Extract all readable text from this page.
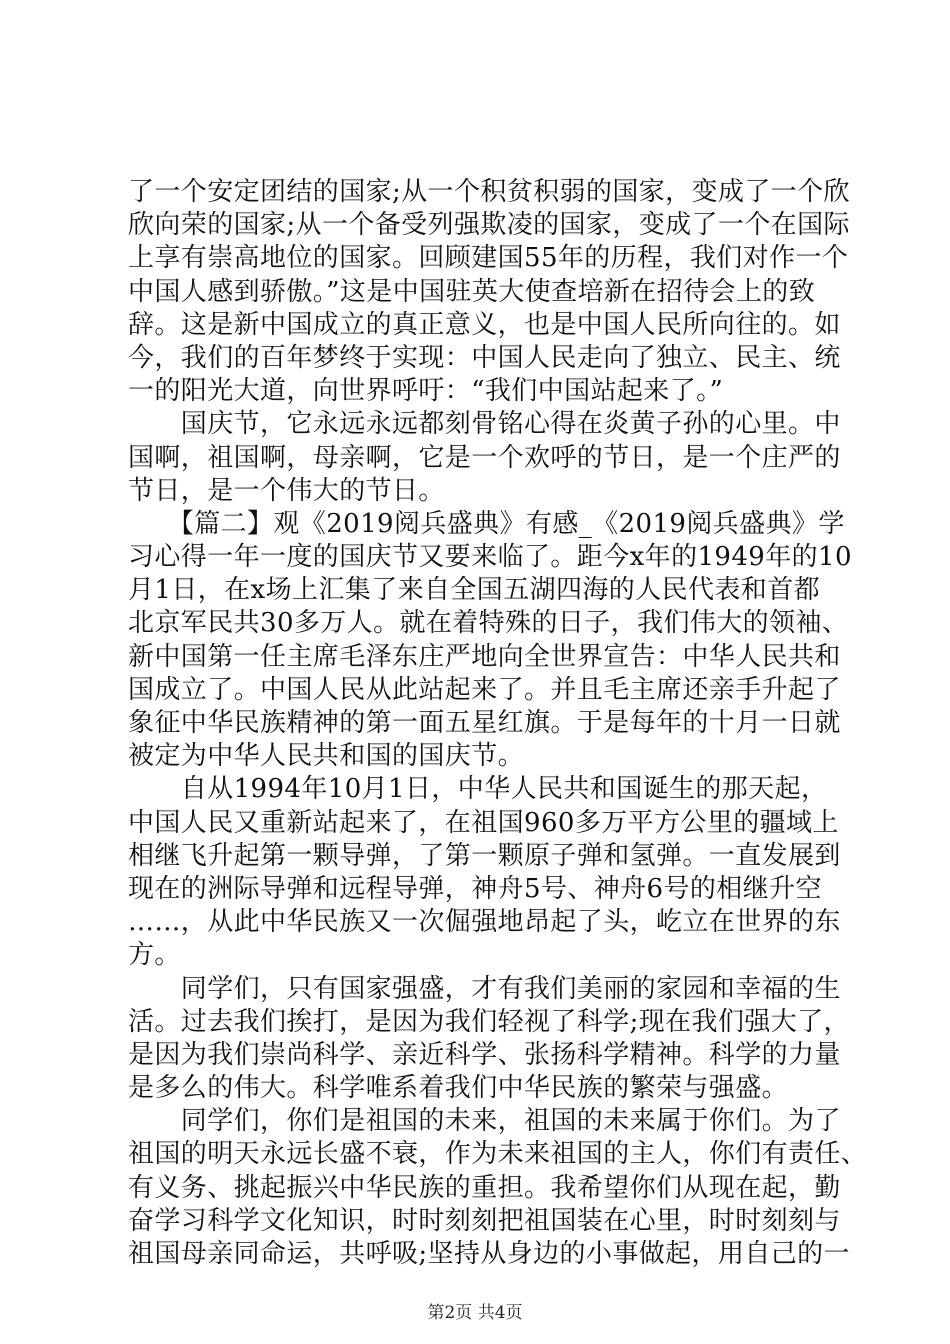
了一个安定团结的国家;从一个积贫积弱的国家，变成了一个欣
欣向荣的国家;从一个备受列强欺凌的国家，变成了一个在国际
上享有崇高地位的国家。回顾建国55年的历程，我们对作一个
中国人感到骄傲。”这是中国驻英大使查培新在招待会上的致
辞。这是新中国成立的真正意义，也是中国人民所向往的。如
今，我们的百年梦终于实现：中国人民走向了独立、民主、统
一的阳光大道，向世界呼吁：“我们中国站起来了。”
　　国庆节，它永远永远都刻骨铭心得在炎黄子孙的心里。中
国啊，祖国啊，母亲啊，它是一个欢呼的节日，是一个庄严的
节日，是一个伟大的节日。
　　【篇二】观《2019阅兵盛典》有感_《2019阅兵盛典》学
习心得一年一度的国庆节又要来临了。距今x年的1949年的10
月1日，在x场上汇集了来自全国五湖四海的人民代表和首都
北京军民共30多万人。就在着特殊的日子，我们伟大的领袖、
新中国第一任主席毛泽东庄严地向全世界宣告：中华人民共和
国成立了。中国人民从此站起来了。并且毛主席还亲手升起了
象征中华民族精神的第一面五星红旗。于是每年的十月一日就
被定为中华人民共和国的国庆节。
　　自从1994年10月1日，中华人民共和国诞生的那天起，
中国人民又重新站起来了，在祖国960多万平方公里的疆域上
相继飞升起第一颗导弹，了第一颗原子弹和氢弹。一直发展到
现在的洲际导弹和远程导弹，神舟5号、神舟6号的相继升空
……，从此中华民族又一次倔强地昂起了头，屹立在世界的东
方。
　　同学们，只有国家强盛，才有我们美丽的家园和幸福的生
活。过去我们挨打，是因为我们轻视了科学;现在我们强大了，
是因为我们崇尚科学、亲近科学、张扬科学精神。科学的力量
是多么的伟大。科学唯系着我们中华民族的繁荣与强盛。
　　同学们，你们是祖国的未来，祖国的未来属于你们。为了
祖国的明天永远长盛不衰，作为未来祖国的主人，你们有责任、
有义务、挑起振兴中华民族的重担。我希望你们从现在起，勤
奋学习科学文化知识，时时刻刻把祖国装在心里，时时刻刻与
祖国母亲同命运，共呼吸;坚持从身边的小事做起，用自己的一
第2页 共4页
